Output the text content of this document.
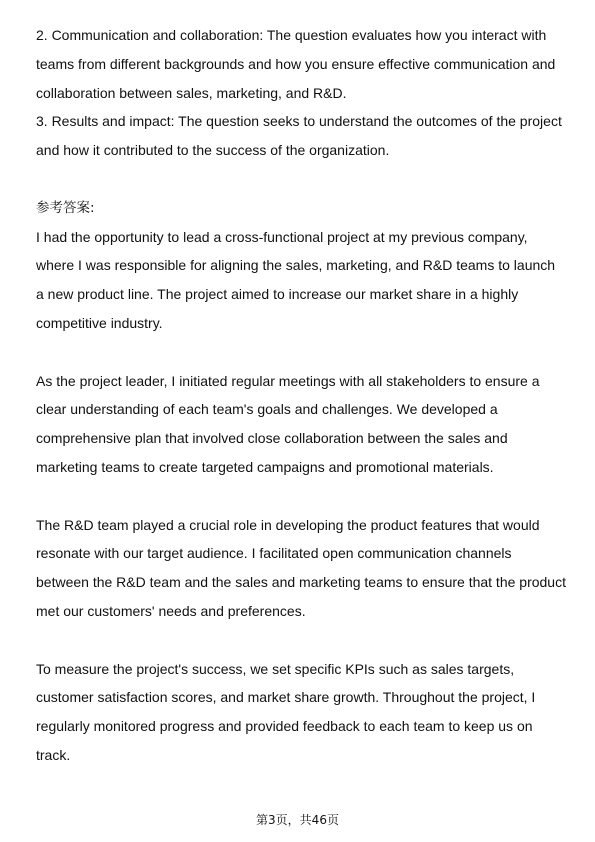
2. Communication and collaboration: The question evaluates how you interact with teams from different backgrounds and how you ensure effective communication and collaboration between sales, marketing, and R&D.

3. Results and impact: The question seeks to understand the outcomes of the project and how it contributed to the success of the organization.

参考答案:

I had the opportunity to lead a cross-functional project at my previous company, where I was responsible for aligning the sales, marketing, and R&D teams to launch a new product line. The project aimed to increase our market share in a highly competitive industry.

As the project leader, I initiated regular meetings with all stakeholders to ensure a clear understanding of each team's goals and challenges. We developed a comprehensive plan that involved close collaboration between the sales and marketing teams to create targeted campaigns and promotional materials.

The R&D team played a crucial role in developing the product features that would resonate with our target audience. I facilitated open communication channels between the R&D team and the sales and marketing teams to ensure that the product met our customers' needs and preferences.

To measure the project's success, we set specific KPIs such as sales targets, customer satisfaction scores, and market share growth. Throughout the project, I regularly monitored progress and provided feedback to each team to keep us on track.

第3页，共46页
